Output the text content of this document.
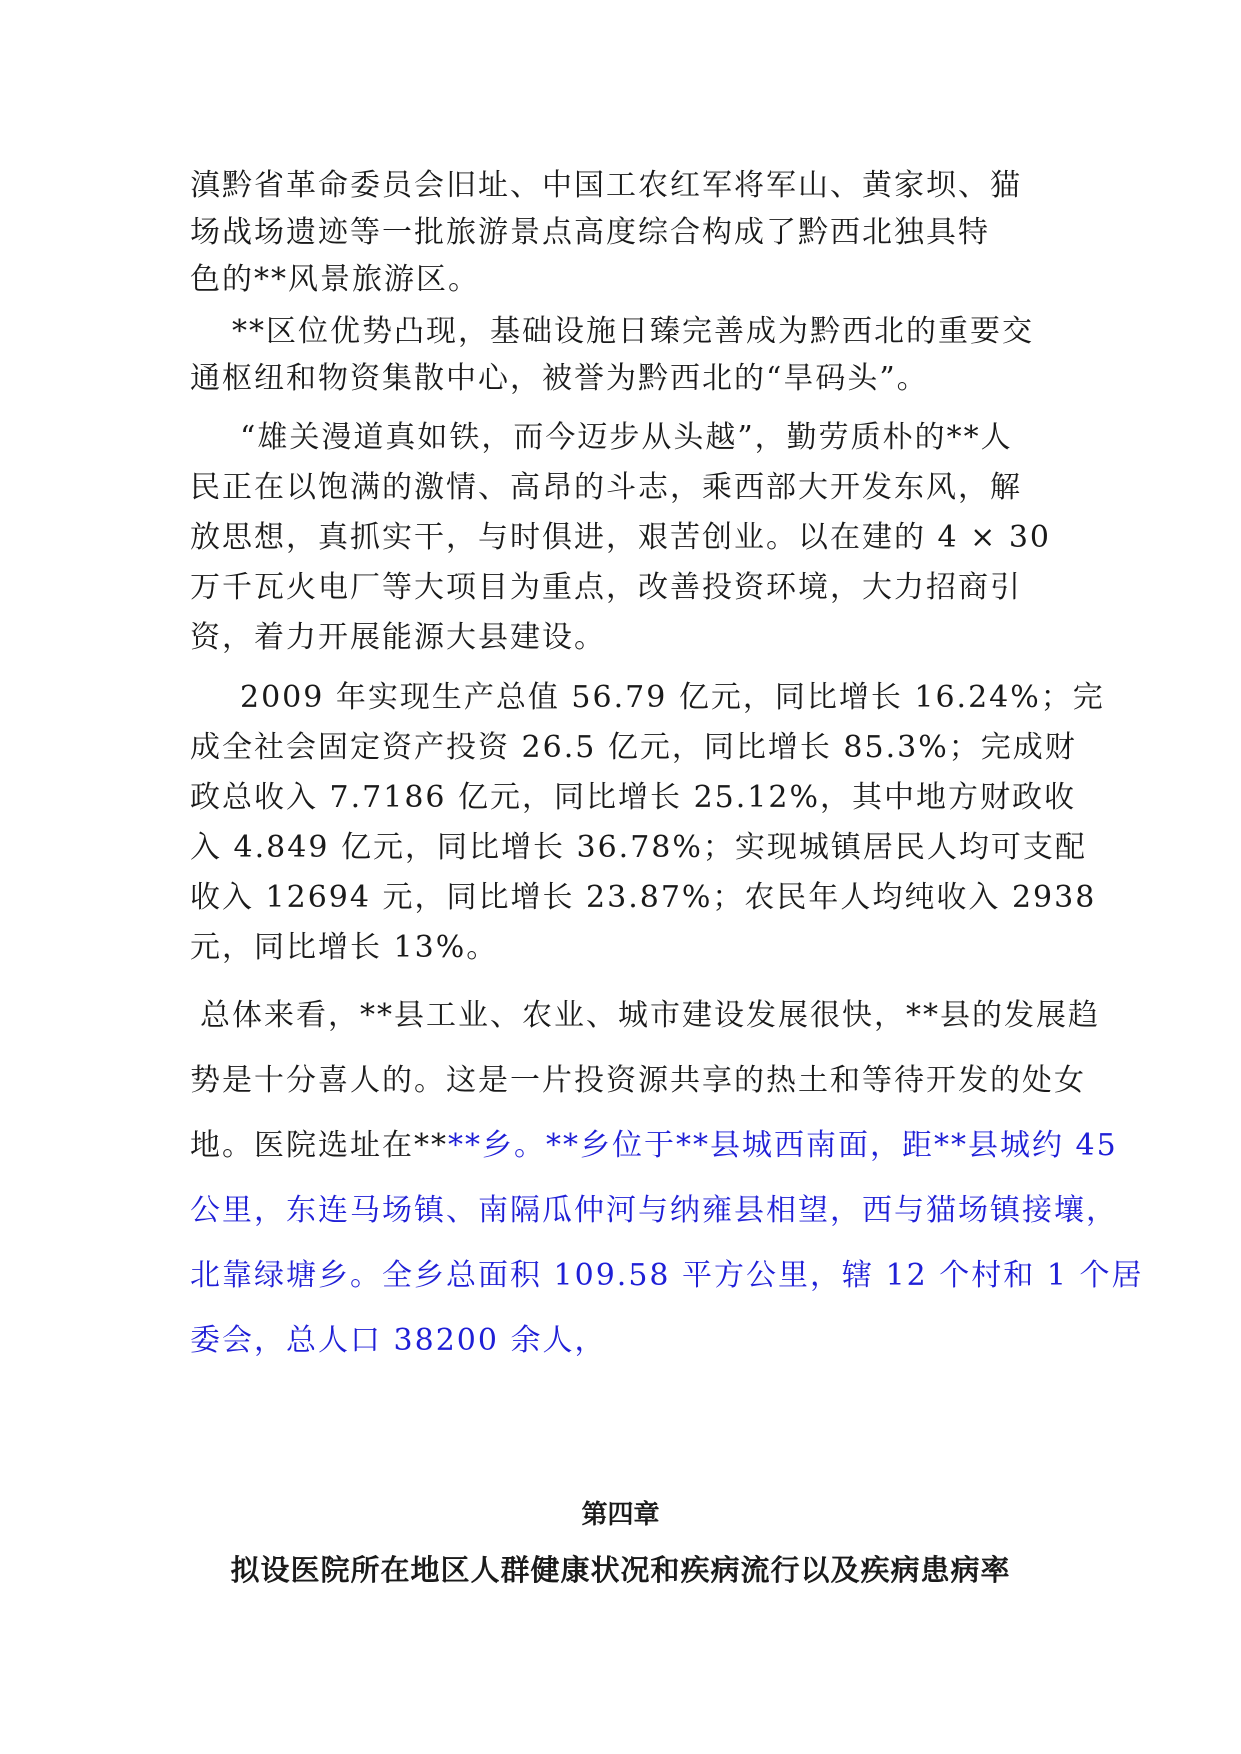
滇黔省革命委员会旧址、中国工农红军将军山、黄家坝、猫
场战场遗迹等一批旅游景点高度综合构成了黔西北独具特
色的**风景旅游区。
**区位优势凸现，基础设施日臻完善成为黔西北的重要交
通枢纽和物资集散中心，被誉为黔西北的“旱码头”。
“雄关漫道真如铁，而今迈步从头越”，勤劳质朴的**人
民正在以饱满的激情、高昂的斗志，乘西部大开发东风，解
放思想，真抓实干，与时俱进，艰苦创业。以在建的 4 × 30
万千瓦火电厂等大项目为重点，改善投资环境，大力招商引
资，着力开展能源大县建设。
2009 年实现生产总值 56.79 亿元，同比增长 16.24%；完
成全社会固定资产投资 26.5 亿元，同比增长 85.3%；完成财
政总收入 7.7186 亿元，同比增长 25.12%，其中地方财政收
入 4.849 亿元，同比增长 36.78%；实现城镇居民人均可支配
收入 12694 元，同比增长 23.87%；农民年人均纯收入 2938
元，同比增长 13%。
总体来看，**县工业、农业、城市建设发展很快，**县的发展趋
势是十分喜人的。这是一片投资源共享的热土和等待开发的处女
地。医院选址在****乡。**乡位于**县城西南面，距**县城约 45
公里，东连马场镇、南隔瓜仲河与纳雍县相望，西与猫场镇接壤，
北靠绿塘乡。全乡总面积 109.58 平方公里，辖 12 个村和 1 个居
委会，总人口 38200 余人，
第四章
拟设医院所在地区人群健康状况和疾病流行以及疾病患病率
